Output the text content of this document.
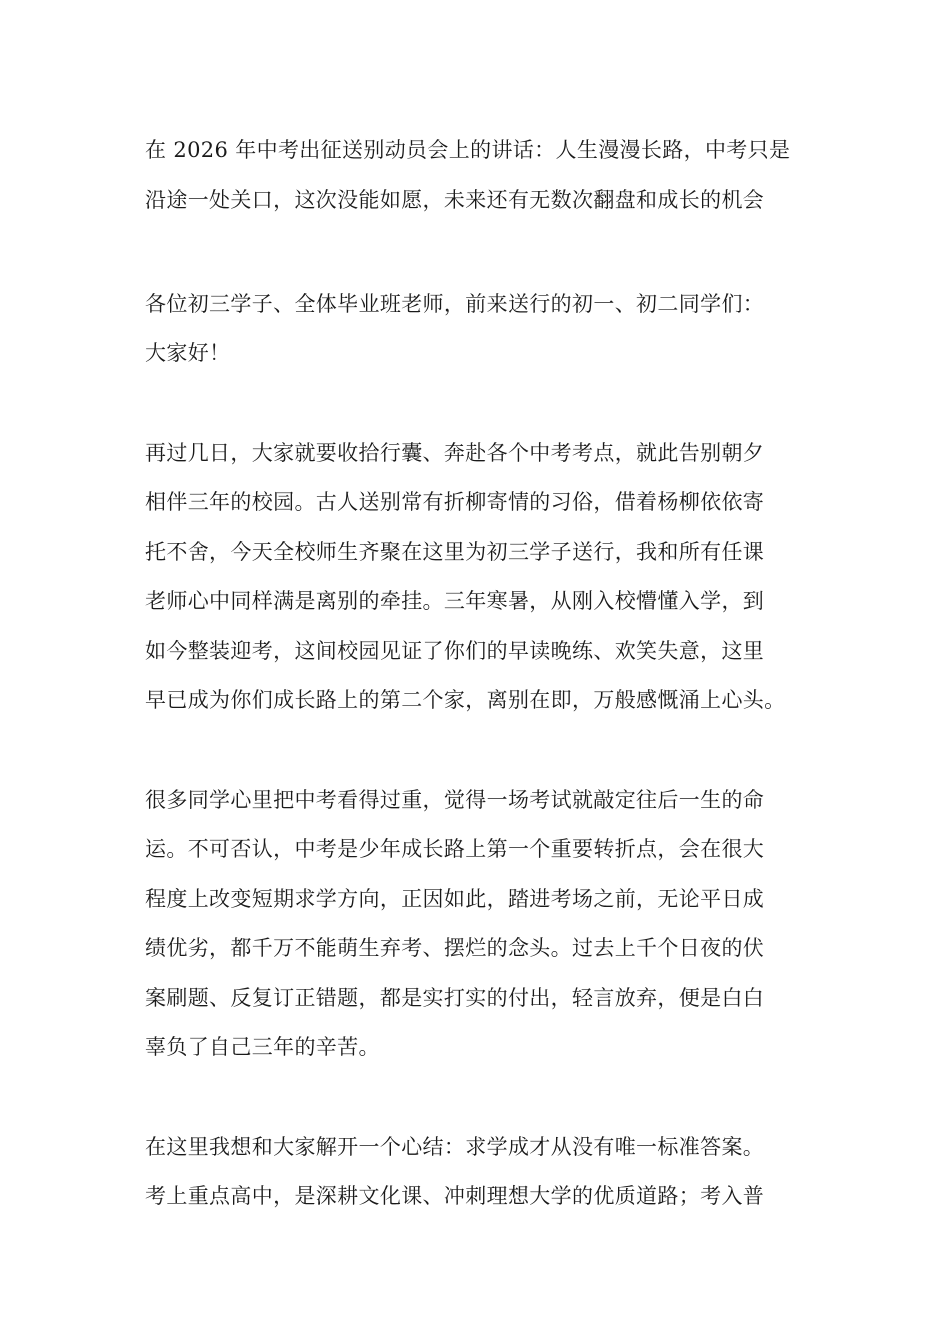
在 2026 年中考出征送别动员会上的讲话：人生漫漫长路，中考只是
沿途一处关口，这次没能如愿，未来还有无数次翻盘和成长的机会
各位初三学子、全体毕业班老师，前来送行的初一、初二同学们：
大家好！
再过几日，大家就要收拾行囊、奔赴各个中考考点，就此告别朝夕
相伴三年的校园。古人送别常有折柳寄情的习俗，借着杨柳依依寄
托不舍，今天全校师生齐聚在这里为初三学子送行，我和所有任课
老师心中同样满是离别的牵挂。三年寒暑，从刚入校懵懂入学，到
如今整装迎考，这间校园见证了你们的早读晚练、欢笑失意，这里
早已成为你们成长路上的第二个家，离别在即，万般感慨涌上心头。
很多同学心里把中考看得过重，觉得一场考试就敲定往后一生的命
运。不可否认，中考是少年成长路上第一个重要转折点，会在很大
程度上改变短期求学方向，正因如此，踏进考场之前，无论平日成
绩优劣，都千万不能萌生弃考、摆烂的念头。过去上千个日夜的伏
案刷题、反复订正错题，都是实打实的付出，轻言放弃，便是白白
辜负了自己三年的辛苦。
在这里我想和大家解开一个心结：求学成才从没有唯一标准答案。
考上重点高中，是深耕文化课、冲刺理想大学的优质道路；考入普
